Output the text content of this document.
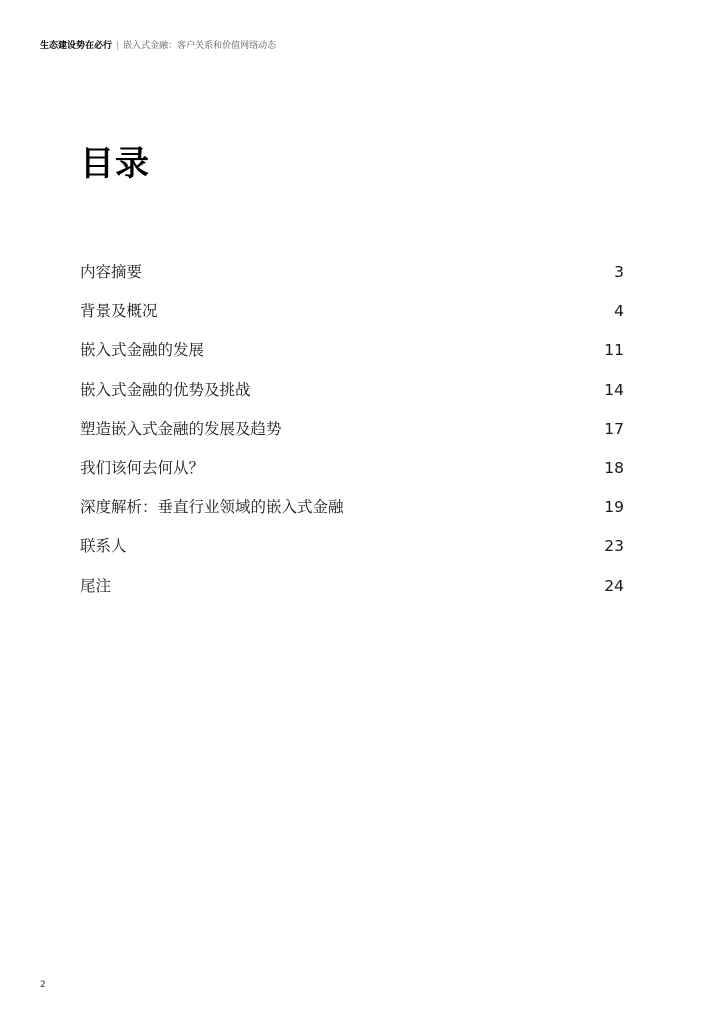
生态建设势在必行 | 嵌入式金融：客户关系和价值网络动态
目录
内容摘要	3
背景及概况	4
嵌入式金融的发展	11
嵌入式金融的优势及挑战	14
塑造嵌入式金融的发展及趋势	17
我们该何去何从？	18
深度解析：垂直行业领域的嵌入式金融	19
联系人	23
尾注	24
2
